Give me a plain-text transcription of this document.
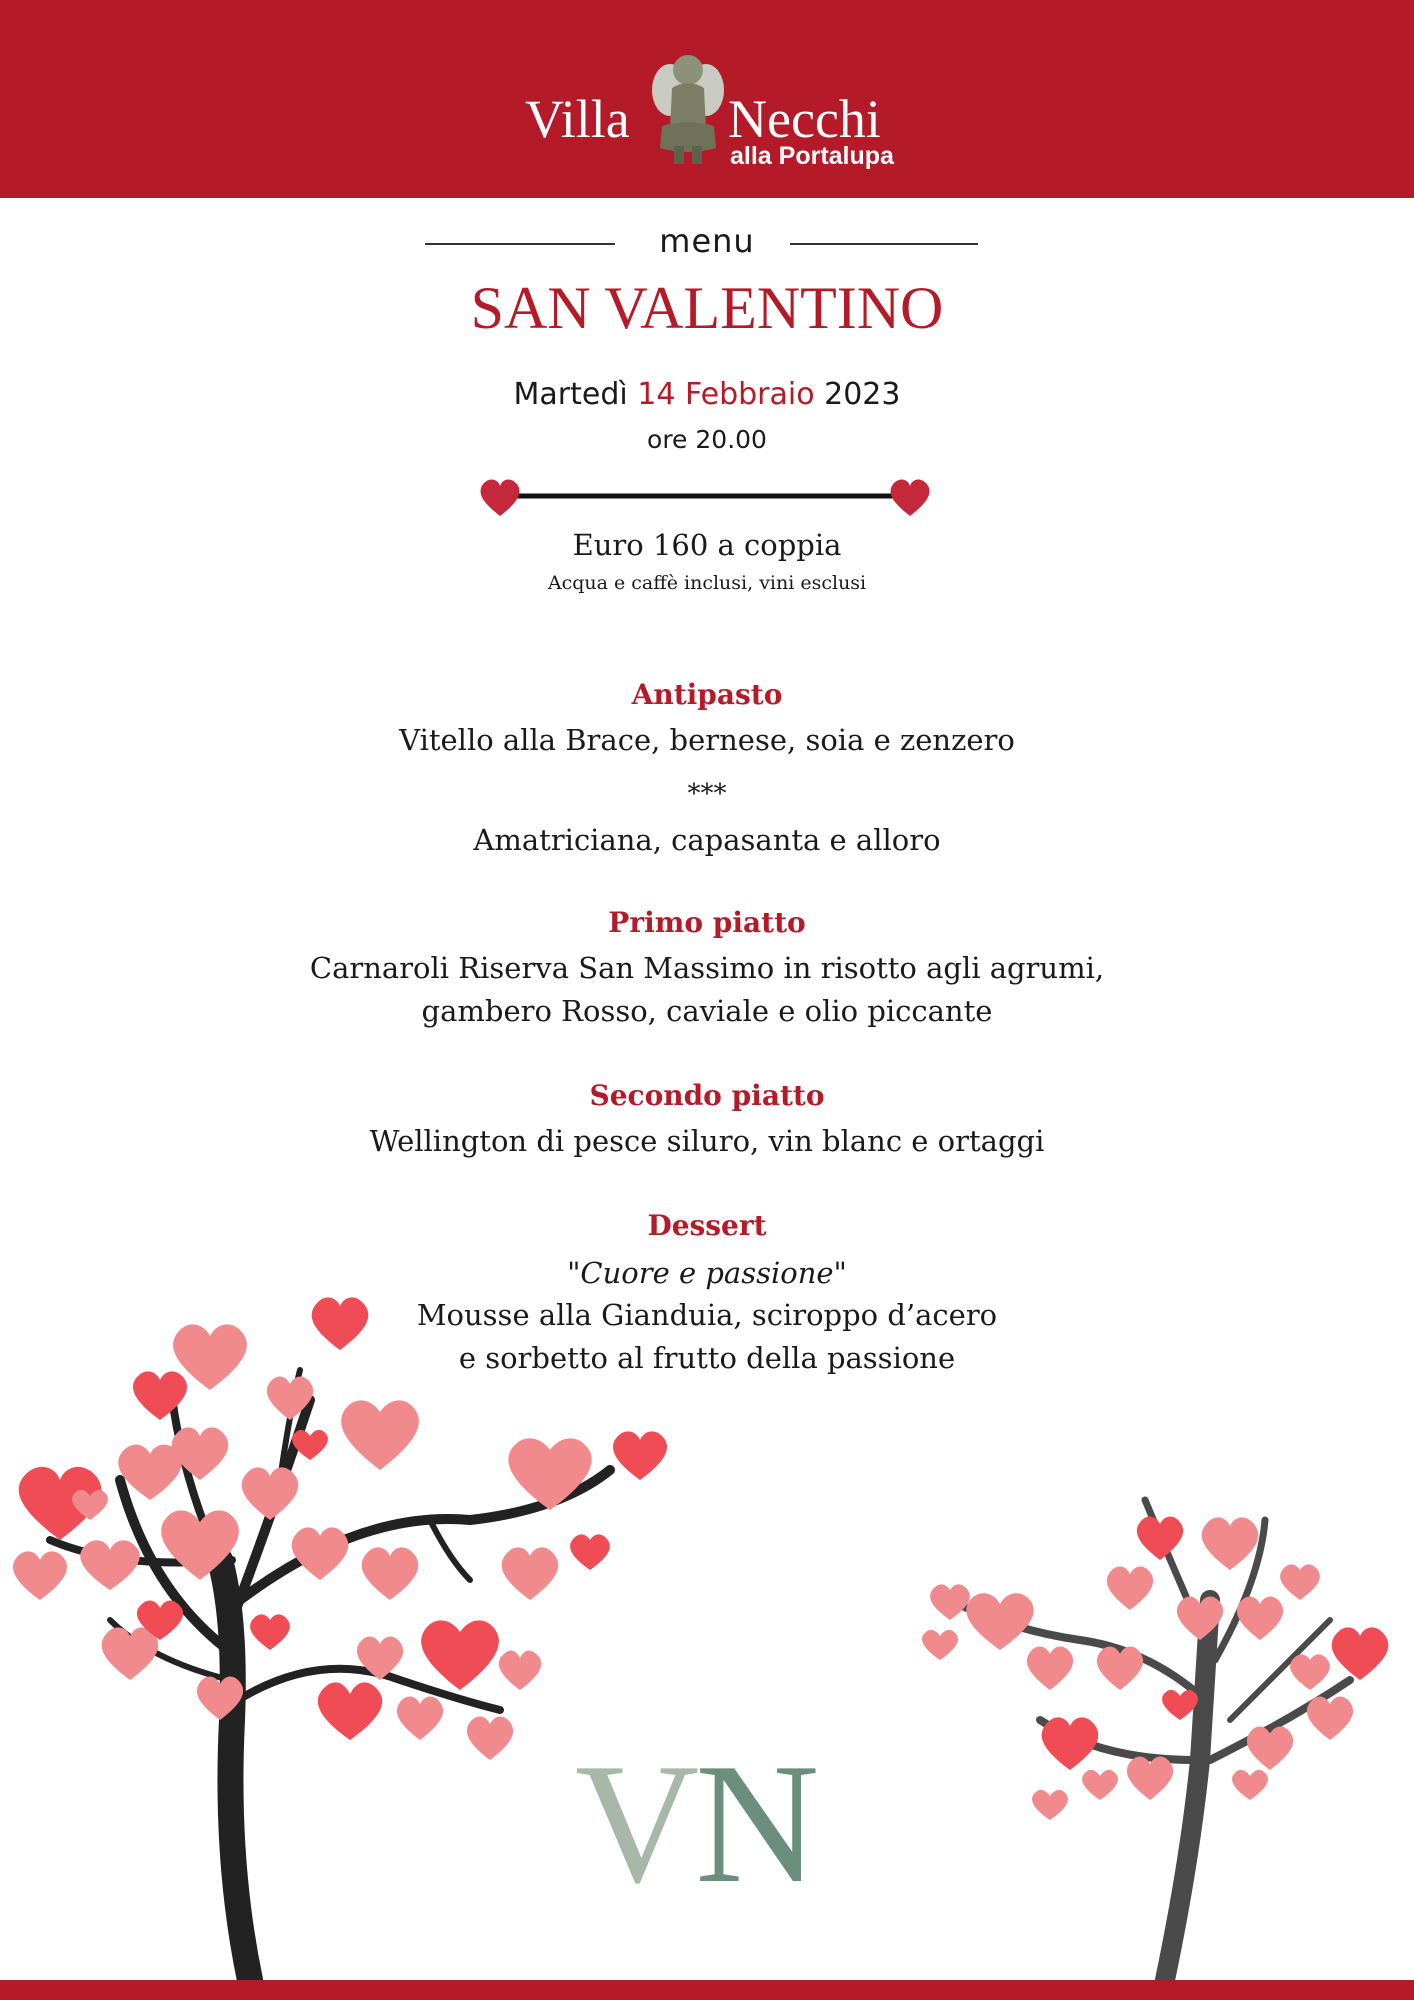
Villa Necchi
alla Portalupa
menu
SAN VALENTINO
Martedì 14 Febbraio 2023
ore 20.00
Euro 160 a coppia
Acqua e caffè inclusi, vini esclusi
Antipasto
Vitello alla Brace, bernese, soia e zenzero
***
Amatriciana, capasanta e alloro
Primo piatto
Carnaroli Riserva San Massimo in risotto agli agrumi,
gambero Rosso, caviale e olio piccante
Secondo piatto
Wellington di pesce siluro, vin blanc e ortaggi
Dessert
"Cuore e passione"
Mousse alla Gianduia, sciroppo d’acero
e sorbetto al frutto della passione
VN
